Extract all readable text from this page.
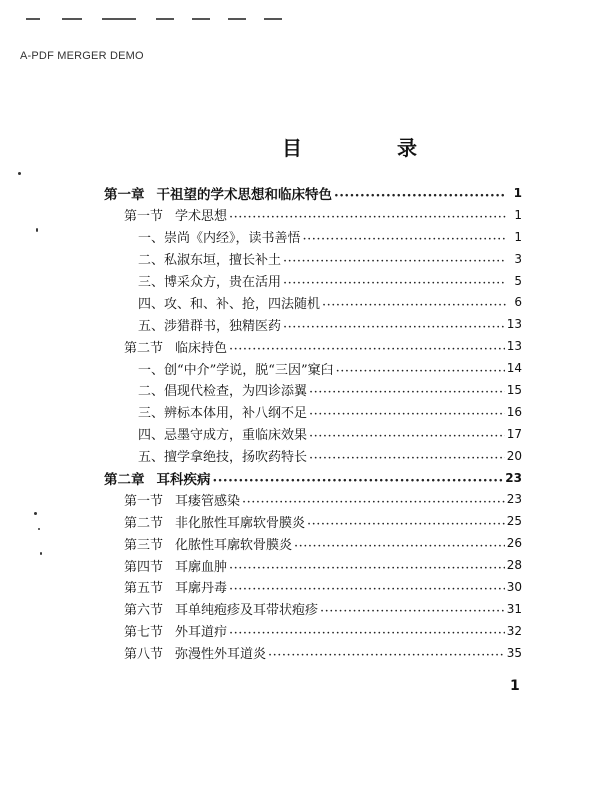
A-PDF MERGER DEMO
目 录
第一章 干祖望的学术思想和临床特色 ·····	1
第一节 学术思想 ·····	1
一、崇尚《内经》，读书善悟 ·····	1
二、私淑东垣，擅长补土 ·····	3
三、博采众方，贵在活用 ·····	5
四、攻、和、补、抢，四法随机 ·····	6
五、涉猎群书，独精医药 ·····	13
第二节 临床持色 ·····	13
一、创“中介”学说，脱“三因”窠臼 ·····	14
二、倡现代检查，为四诊添翼 ·····	15
三、辨标本体用，补八纲不足 ·····	16
四、忌墨守成方，重临床效果 ·····	17
五、擅学拿绝技，扬吹药特长 ·····	20
第二章 耳科疾病 ·····	23
第一节 耳瘘管感染 ·····	23
第二节 非化脓性耳廓软骨膜炎 ·····	25
第三节 化脓性耳廓软骨膜炎 ·····	26
第四节 耳廓血肿 ·····	28
第五节 耳廓丹毒 ·····	30
第六节 耳单纯疱疹及耳带状疱疹 ·····	31
第七节 外耳道疖 ·····	32
第八节 弥漫性外耳道炎 ·····	35
1
